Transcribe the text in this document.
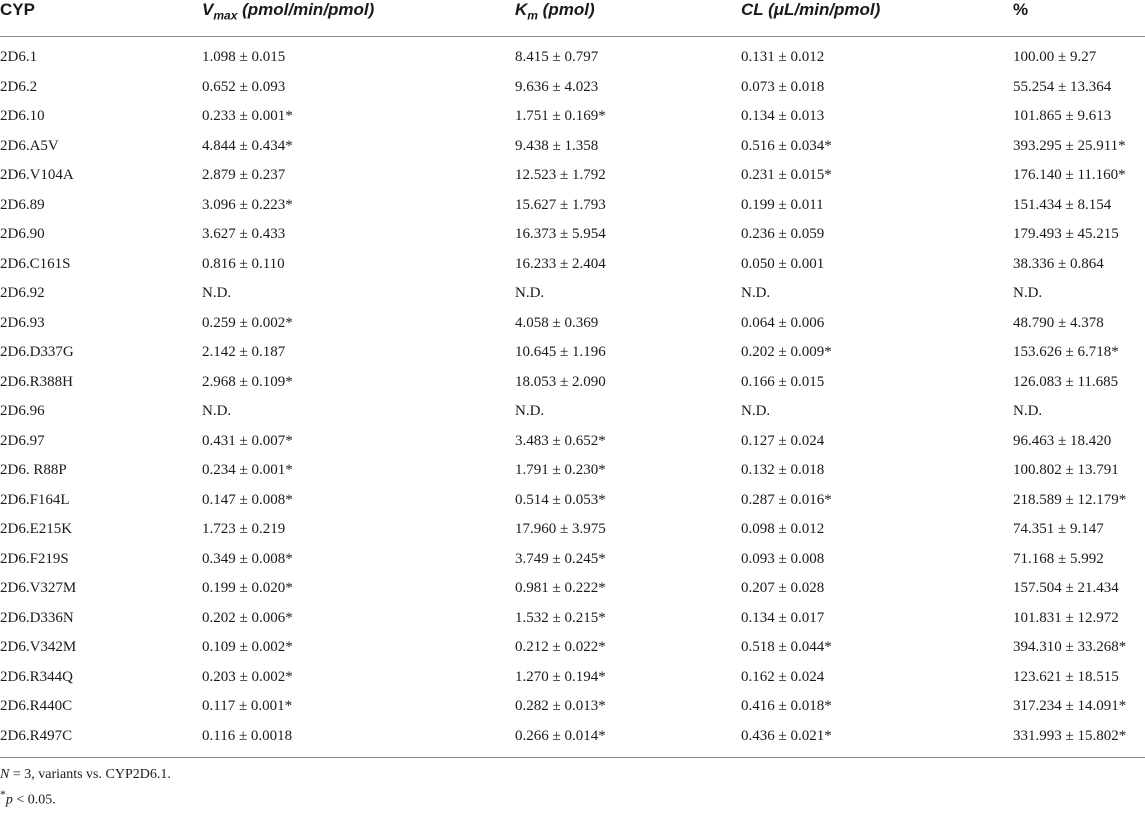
CYP	$V_{max}$ (pmol/min/pmol)	$K_m$ (pmol)	CL (μL/min/pmol)	%
2D6.1	1.098 ± 0.015	8.415 ± 0.797	0.131 ± 0.012	100.00 ± 9.27
2D6.2	0.652 ± 0.093	9.636 ± 4.023	0.073 ± 0.018	55.254 ± 13.364
2D6.10	0.233 ± 0.001*	1.751 ± 0.169*	0.134 ± 0.013	101.865 ± 9.613
2D6.A5V	4.844 ± 0.434*	9.438 ± 1.358	0.516 ± 0.034*	393.295 ± 25.911*
2D6.V104A	2.879 ± 0.237	12.523 ± 1.792	0.231 ± 0.015*	176.140 ± 11.160*
2D6.89	3.096 ± 0.223*	15.627 ± 1.793	0.199 ± 0.011	151.434 ± 8.154
2D6.90	3.627 ± 0.433	16.373 ± 5.954	0.236 ± 0.059	179.493 ± 45.215
2D6.C161S	0.816 ± 0.110	16.233 ± 2.404	0.050 ± 0.001	38.336 ± 0.864
2D6.92	N.D.	N.D.	N.D.	N.D.
2D6.93	0.259 ± 0.002*	4.058 ± 0.369	0.064 ± 0.006	48.790 ± 4.378
2D6.D337G	2.142 ± 0.187	10.645 ± 1.196	0.202 ± 0.009*	153.626 ± 6.718*
2D6.R388H	2.968 ± 0.109*	18.053 ± 2.090	0.166 ± 0.015	126.083 ± 11.685
2D6.96	N.D.	N.D.	N.D.	N.D.
2D6.97	0.431 ± 0.007*	3.483 ± 0.652*	0.127 ± 0.024	96.463 ± 18.420
2D6. R88P	0.234 ± 0.001*	1.791 ± 0.230*	0.132 ± 0.018	100.802 ± 13.791
2D6.F164L	0.147 ± 0.008*	0.514 ± 0.053*	0.287 ± 0.016*	218.589 ± 12.179*
2D6.E215K	1.723 ± 0.219	17.960 ± 3.975	0.098 ± 0.012	74.351 ± 9.147
2D6.F219S	0.349 ± 0.008*	3.749 ± 0.245*	0.093 ± 0.008	71.168 ± 5.992
2D6.V327M	0.199 ± 0.020*	0.981 ± 0.222*	0.207 ± 0.028	157.504 ± 21.434
2D6.D336N	0.202 ± 0.006*	1.532 ± 0.215*	0.134 ± 0.017	101.831 ± 12.972
2D6.V342M	0.109 ± 0.002*	0.212 ± 0.022*	0.518 ± 0.044*	394.310 ± 33.268*
2D6.R344Q	0.203 ± 0.002*	1.270 ± 0.194*	0.162 ± 0.024	123.621 ± 18.515
2D6.R440C	0.117 ± 0.001*	0.282 ± 0.013*	0.416 ± 0.018*	317.234 ± 14.091*
2D6.R497C	0.116 ± 0.0018	0.266 ± 0.014*	0.436 ± 0.021*	331.993 ± 15.802*

N = 3, variants vs. CYP2D6.1.

*p < 0.05.
